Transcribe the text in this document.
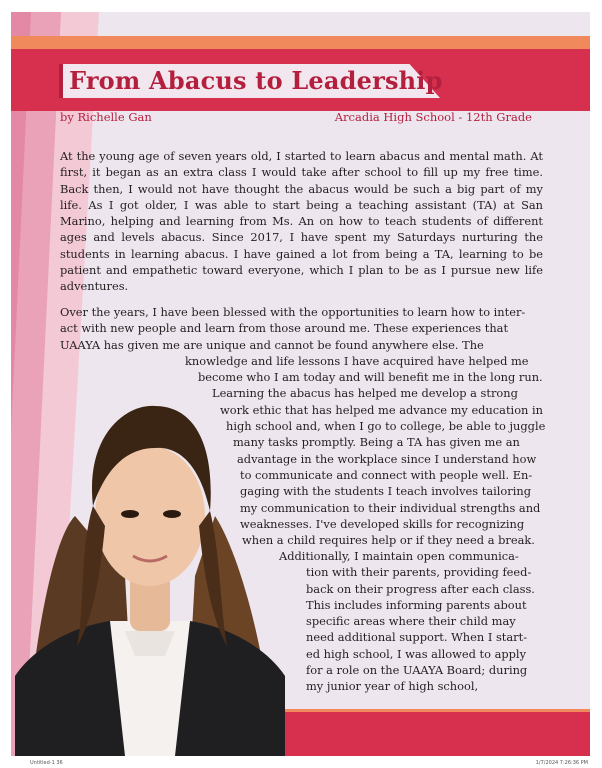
From Abacus to Leadership
by Richelle Gan	Arcadia High School - 12th Grade
At the young age of seven years old, I started to learn abacus and mental math. At first, it began as an extra class I would take after school to fill up my free time. Back then, I would not have thought the abacus would be such a big part of my life. As I got older, I was able to start being a teaching assistant (TA) at San Marino, helping and learning from Ms. An on how to teach students of different ages and levels abacus. Since 2017, I have spent my Saturdays nurturing the students in learning abacus. I have gained a lot from being a TA, learning to be patient and empathetic toward everyone, which I plan to be as I pursue new life adventures.
Over the years, I have been blessed with the opportunities to learn how to inter-
act with new people and learn from those around me. These experiences that
UAAYA has given me are unique and cannot be found anywhere else. The
knowledge and life lessons I have acquired have helped me
become who I am today and will benefit me in the long run.
Learning the abacus has helped me develop a strong
work ethic that has helped me advance my education in
high school and, when I go to college, be able to juggle
many tasks promptly. Being a TA has given me an
advantage in the workplace since I understand how
to communicate and connect with people well. En-
gaging with the students I teach involves tailoring
my communication to their individual strengths and
weaknesses. I've developed skills for recognizing
when a child requires help or if they need a break.
Additionally, I maintain open communica-
tion with their parents, providing feed-
back on their progress after each class.
This includes informing parents about
specific areas where their child may
need additional support. When I start-
ed high school, I was allowed to apply
for a role on the UAAYA Board; during
my junior year of high school,
Untitled-1 36	1/7/2024 7:26:36 PM
